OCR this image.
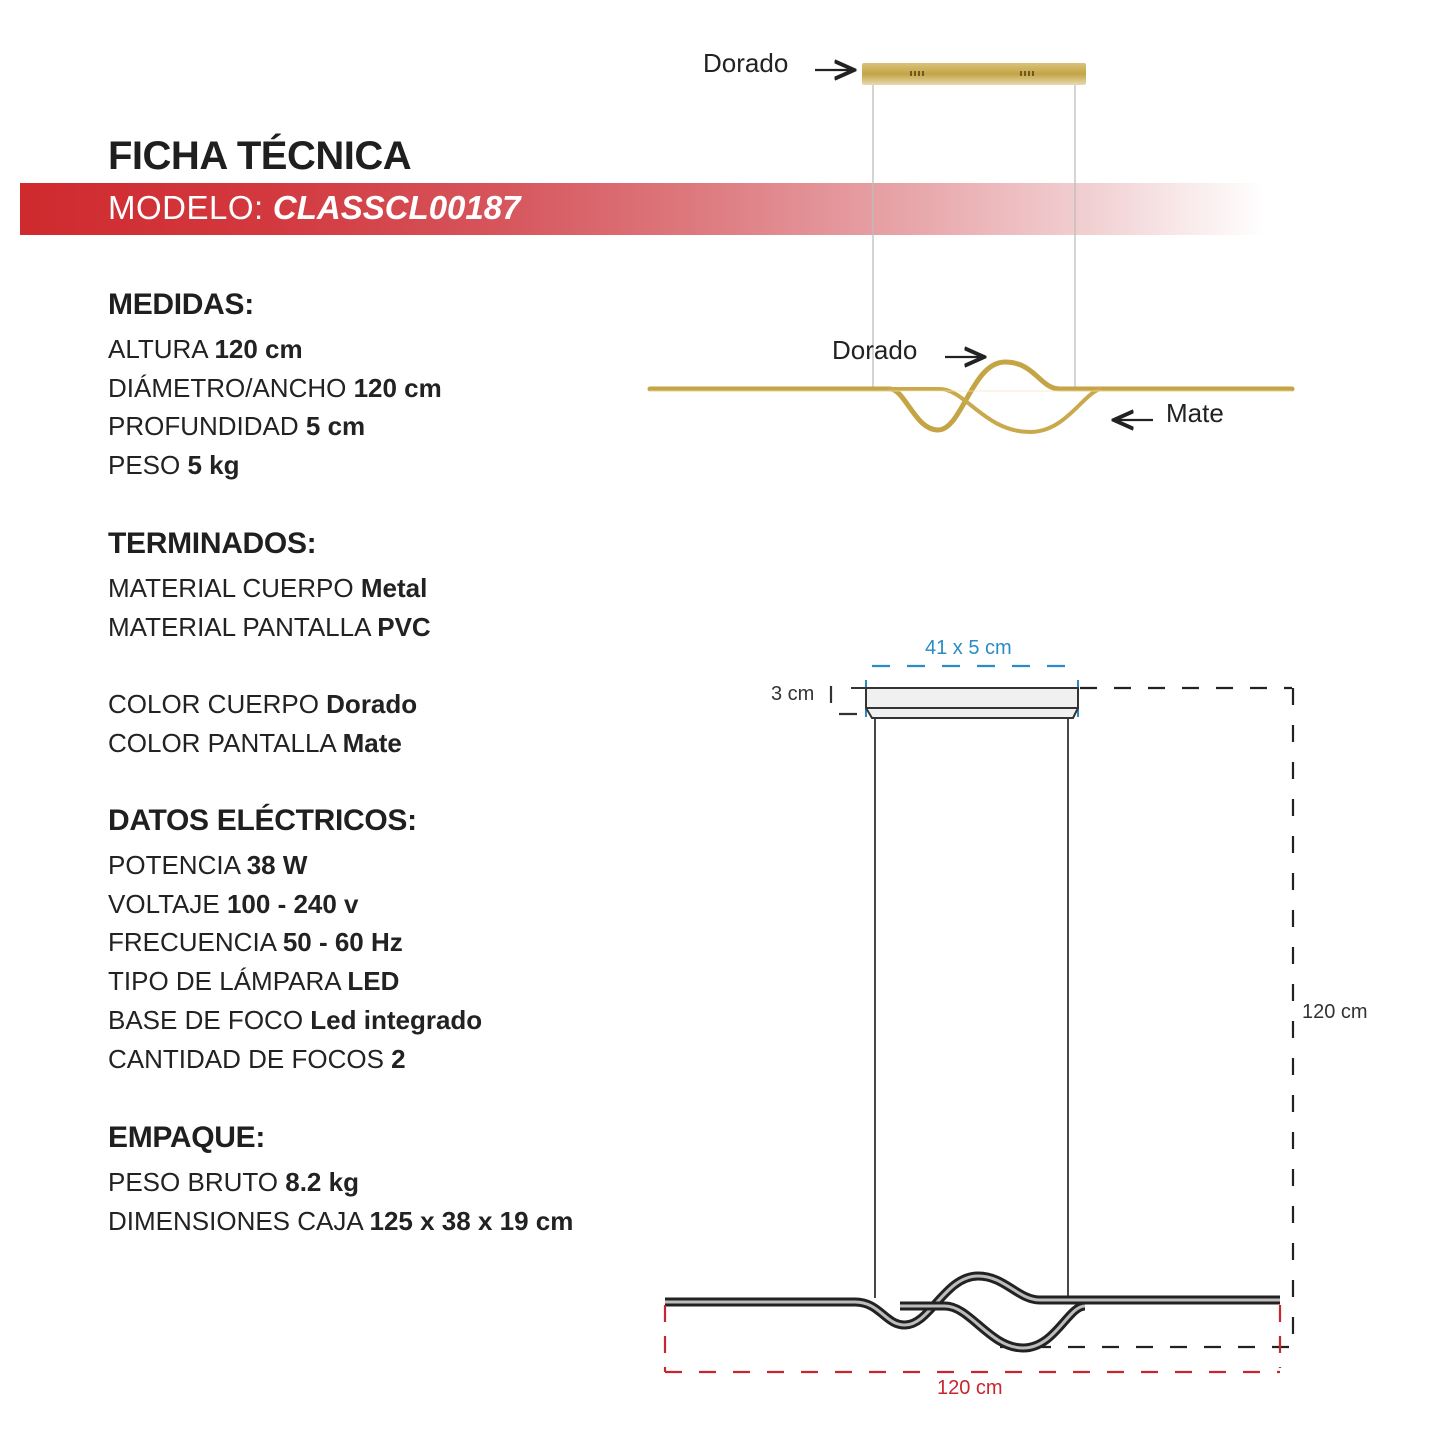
FICHA TÉCNICA
MODELO: CLASSCL00187
MEDIDAS:
ALTURA 120 cm
DIÁMETRO/ANCHO 120 cm
PROFUNDIDAD 5 cm
PESO 5 kg
TERMINADOS:
MATERIAL CUERPO Metal
MATERIAL PANTALLA PVC
COLOR CUERPO Dorado
COLOR PANTALLA Mate
DATOS ELÉCTRICOS:
POTENCIA 38 W
VOLTAJE 100 - 240 v
FRECUENCIA 50 - 60 Hz
TIPO DE LÁMPARA LED
BASE DE FOCO Led integrado
CANTIDAD DE FOCOS 2
EMPAQUE:
PESO BRUTO 8.2 kg
DIMENSIONES CAJA 125 x 38 x 19 cm
Dorado
Dorado
Mate
41 x 5 cm
3 cm
120 cm
120 cm
